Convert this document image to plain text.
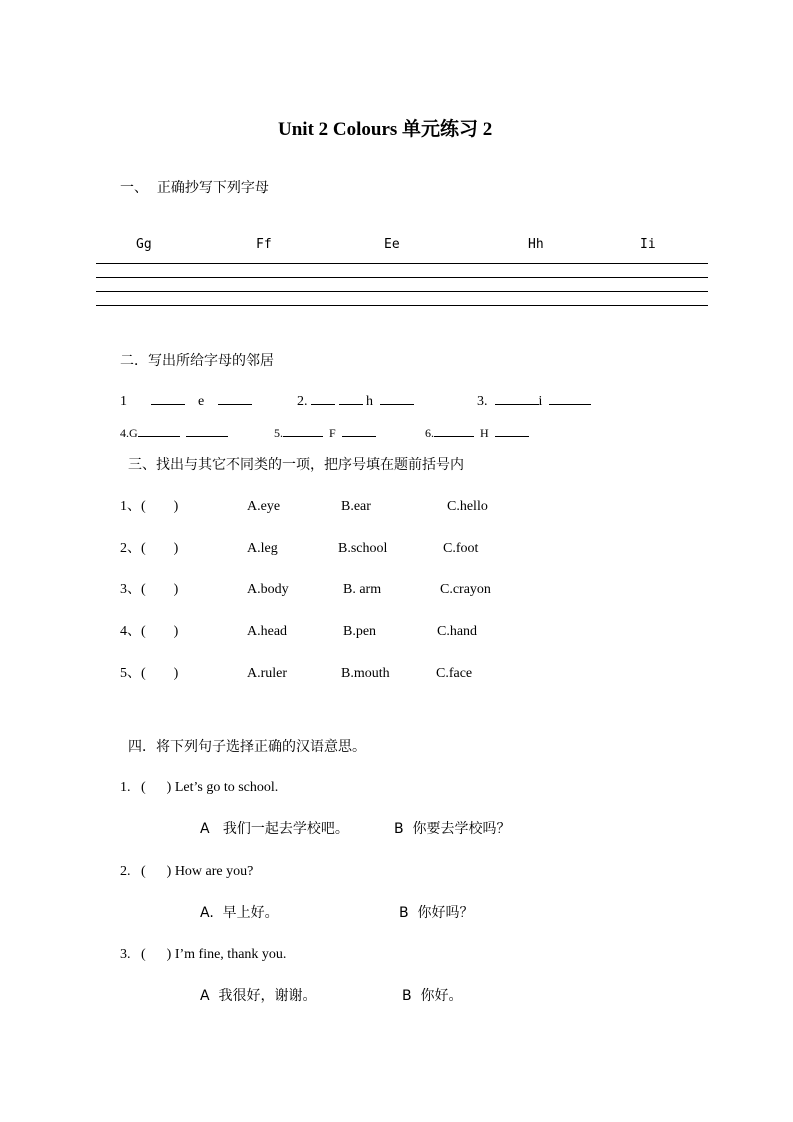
Unit 2 Colours 单元练习 2
一、  正确抄写下列字母
Gg	Ff	Ee	Hh	Ii
二．写出所给字母的邻居
1	e	2.	h	3.	i
4.G	5.	F	6.	H
三、找出与其它不同类的一项，把序号填在题前括号内
四．将下列句子选择正确的汉语意思。
1、(        )	A.eye	B.ear	C.hello
2、(        )	A.leg	B.school	C.foot
3、(        )	A.body	B. arm	C.crayon
4、(        )	A.head	B.pen	C.hand
5、(        )	A.ruler	B.mouth	C.face
1.   (      ) Let’s go to school.
A   我们一起去学校吧。	B  你要去学校吗？
2.   (      ) How are you?
A.  早上好。	B  你好吗？
3.   (      ) I’m fine, thank you.
A  我很好，谢谢。	B  你好。
